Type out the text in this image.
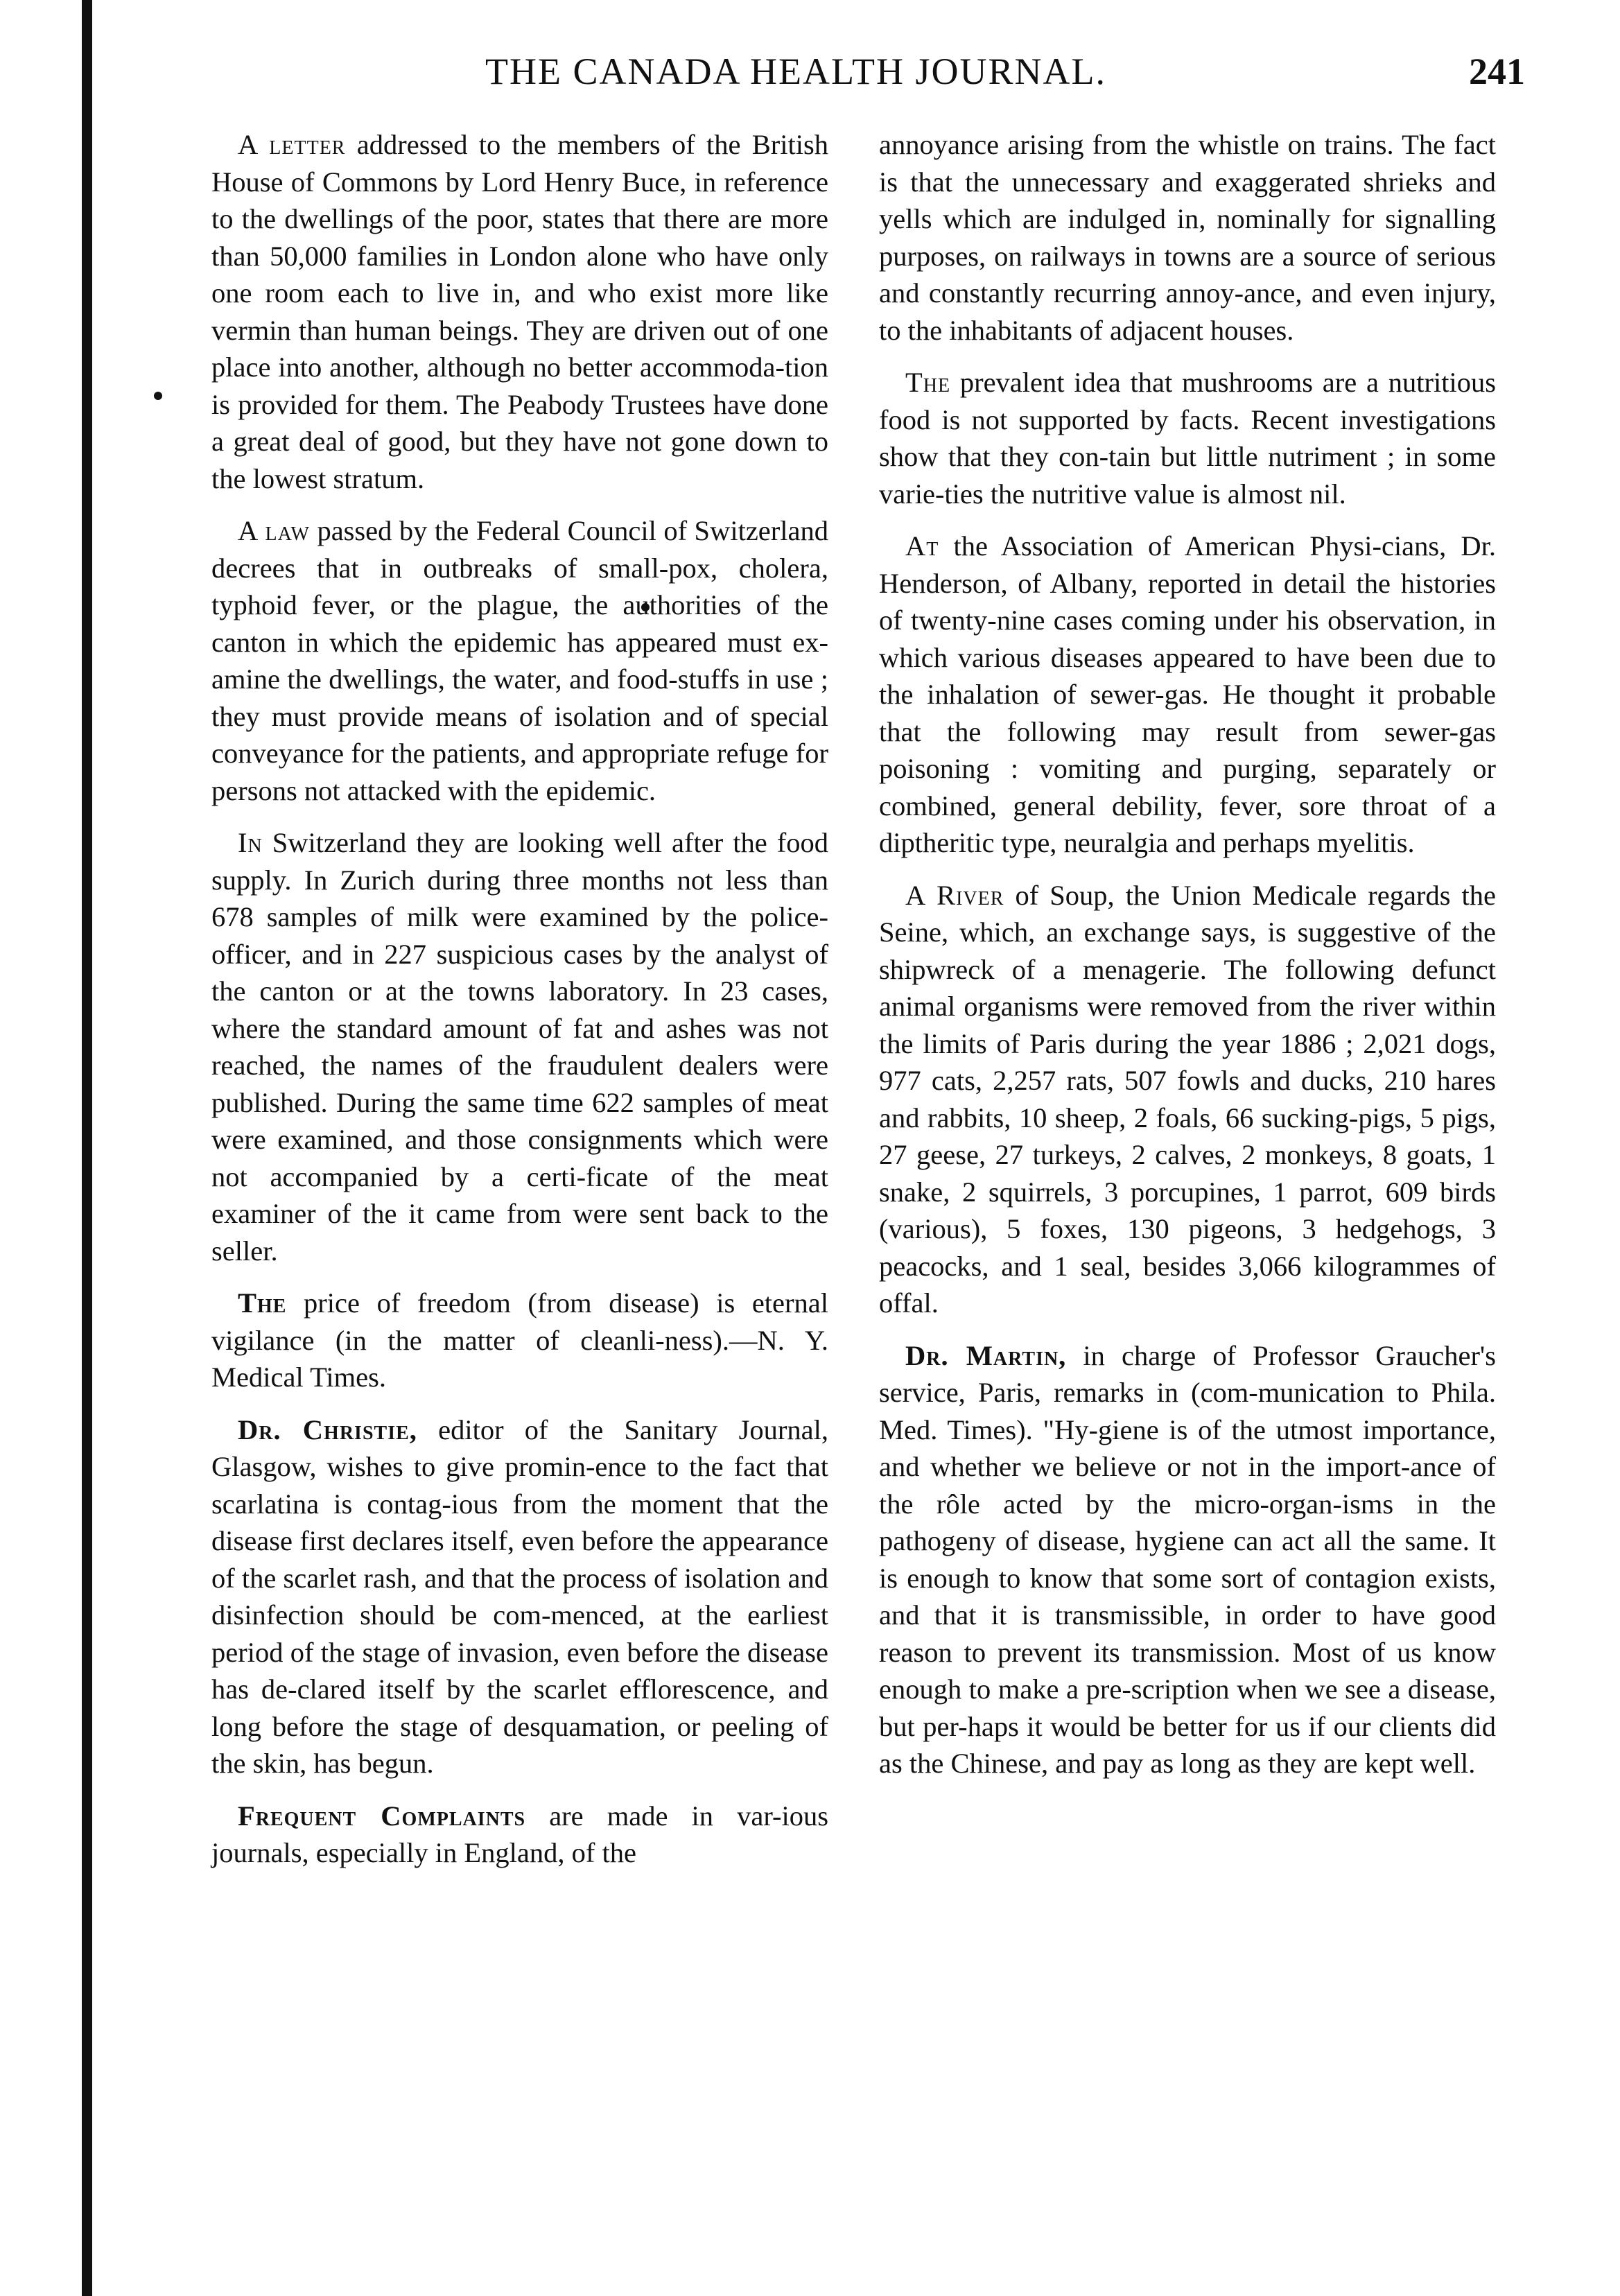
THE CANADA HEALTH JOURNAL.	241

A letter addressed to the members of the British House of Commons by Lord Henry Buce, in reference to the dwellings of the poor, states that there are more than 50,000 families in London alone who have only one room each to live in, and who exist more like vermin than human beings. They are driven out of one place into another, although no better accommoda-tion is provided for them. The Peabody Trustees have done a great deal of good, but they have not gone down to the lowest stratum.

A law passed by the Federal Council of Switzerland decrees that in outbreaks of small-pox, cholera, typhoid fever, or the plague, the authorities of the canton in which the epidemic has appeared must ex-amine the dwellings, the water, and food-stuffs in use ; they must provide means of isolation and of special conveyance for the patients, and appropriate refuge for persons not attacked with the epidemic.

In Switzerland they are looking well after the food supply. In Zurich during three months not less than 678 samples of milk were examined by the police-officer, and in 227 suspicious cases by the analyst of the canton or at the towns laboratory. In 23 cases, where the standard amount of fat and ashes was not reached, the names of the fraudulent dealers were published. During the same time 622 samples of meat were examined, and those consignments which were not accompanied by a certi-ficate of the meat examiner of the it came from were sent back to the seller.

The price of freedom (from disease) is eternal vigilance (in the matter of cleanli-ness).—N. Y. Medical Times.

Dr. Christie, editor of the Sanitary Journal, Glasgow, wishes to give promin-ence to the fact that scarlatina is contag-ious from the moment that the disease first declares itself, even before the appearance of the scarlet rash, and that the process of isolation and disinfection should be com-menced, at the earliest period of the stage of invasion, even before the disease has de-clared itself by the scarlet efflorescence, and long before the stage of desquamation, or peeling of the skin, has begun.

Frequent Complaints are made in var-ious journals, especially in England, of the

annoyance arising from the whistle on trains. The fact is that the unnecessary and exaggerated shrieks and yells which are indulged in, nominally for signalling purposes, on railways in towns are a source of serious and constantly recurring annoy-ance, and even injury, to the inhabitants of adjacent houses.

The prevalent idea that mushrooms are a nutritious food is not supported by facts. Recent investigations show that they con-tain but little nutriment ; in some varie-ties the nutritive value is almost nil.

At the Association of American Physi-cians, Dr. Henderson, of Albany, reported in detail the histories of twenty-nine cases coming under his observation, in which various diseases appeared to have been due to the inhalation of sewer-gas. He thought it probable that the following may result from sewer-gas poisoning : vomiting and purging, separately or combined, general debility, fever, sore throat of a diptheritic type, neuralgia and perhaps myelitis.

A River of Soup, the Union Medicale regards the Seine, which, an exchange says, is suggestive of the shipwreck of a menagerie. The following defunct animal organisms were removed from the river within the limits of Paris during the year 1886 ; 2,021 dogs, 977 cats, 2,257 rats, 507 fowls and ducks, 210 hares and rabbits, 10 sheep, 2 foals, 66 sucking-pigs, 5 pigs, 27 geese, 27 turkeys, 2 calves, 2 monkeys, 8 goats, 1 snake, 2 squirrels, 3 porcupines, 1 parrot, 609 birds (various), 5 foxes, 130 pigeons, 3 hedgehogs, 3 peacocks, and 1 seal, besides 3,066 kilogrammes of offal.

Dr. Martin, in charge of Professor Graucher's service, Paris, remarks in (com-munication to Phila. Med. Times). "Hy-giene is of the utmost importance, and whether we believe or not in the import-ance of the rôle acted by the micro-organ-isms in the pathogeny of disease, hygiene can act all the same. It is enough to know that some sort of contagion exists, and that it is transmissible, in order to have good reason to prevent its transmission. Most of us know enough to make a pre-scription when we see a disease, but per-haps it would be better for us if our clients did as the Chinese, and pay as long as they are kept well.
